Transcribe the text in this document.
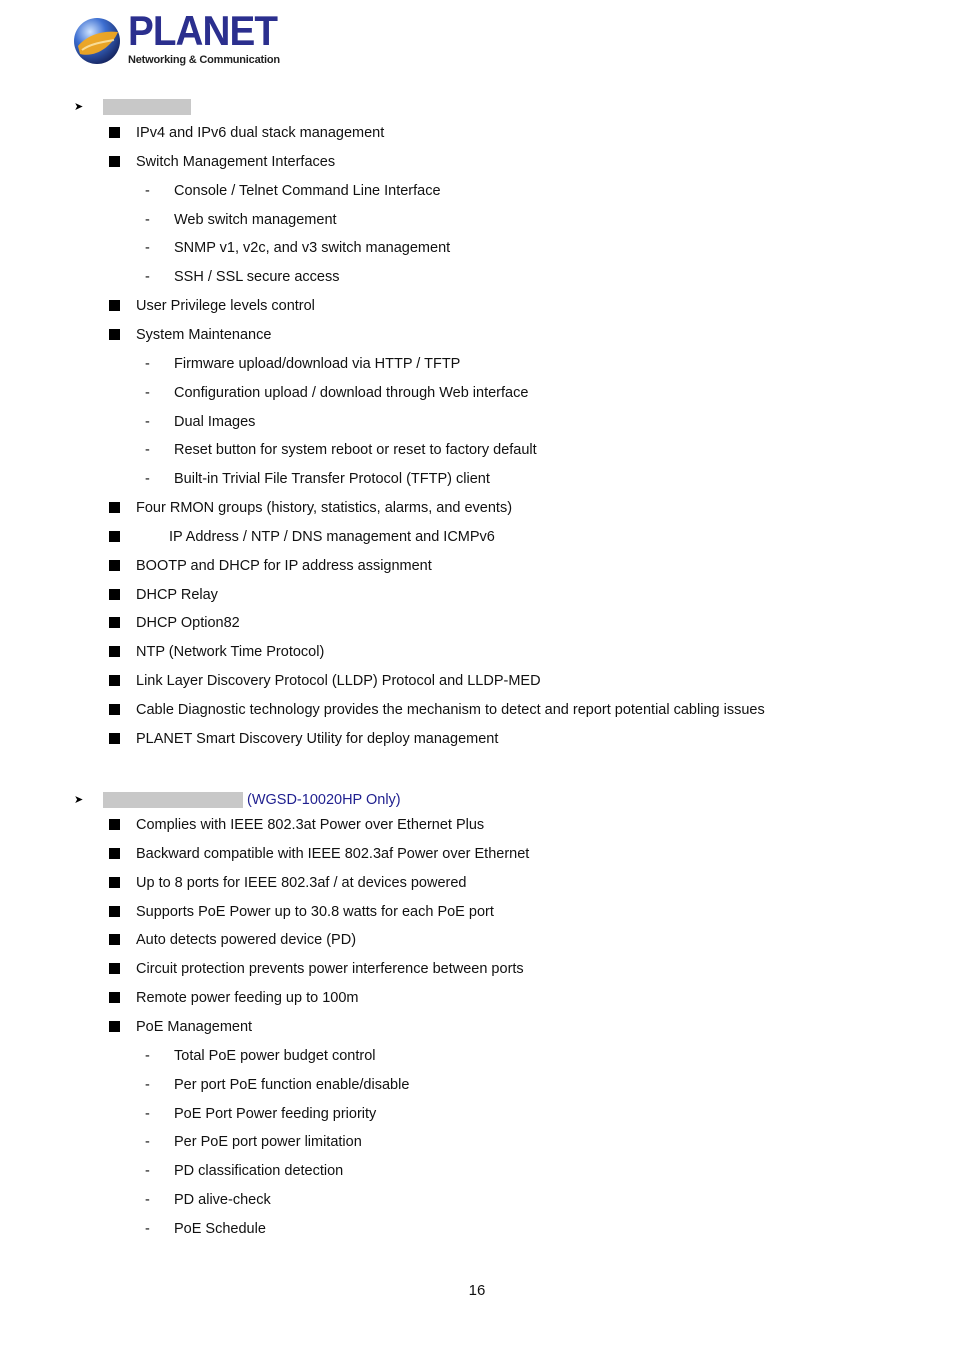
PLANET
Networking & Communication
➤
IPv4 and IPv6 dual stack management
Switch Management Interfaces
-	Console / Telnet Command Line Interface
-	Web switch management
-	SNMP v1, v2c, and v3 switch management
-	SSH / SSL secure access
User Privilege levels control
System Maintenance
-	Firmware upload/download via HTTP / TFTP
-	Configuration upload / download through Web interface
-	Dual Images
-	Reset button for system reboot or reset to factory default
-	Built-in Trivial File Transfer Protocol (TFTP) client
Four RMON groups (history, statistics, alarms, and events)
IP Address / NTP / DNS management and ICMPv6
BOOTP and DHCP for IP address assignment
DHCP Relay
DHCP Option82
NTP (Network Time Protocol)
Link Layer Discovery Protocol (LLDP) Protocol and LLDP-MED
Cable Diagnostic technology provides the mechanism to detect and report potential cabling issues
PLANET Smart Discovery Utility for deploy management
➤	(WGSD-10020HP Only)
Complies with IEEE 802.3at Power over Ethernet Plus
Backward compatible with IEEE 802.3af Power over Ethernet
Up to 8 ports for IEEE 802.3af / at devices powered
Supports PoE Power up to 30.8 watts for each PoE port
Auto detects powered device (PD)
Circuit protection prevents power interference between ports
Remote power feeding up to 100m
PoE Management
-	Total PoE power budget control
-	Per port PoE function enable/disable
-	PoE Port Power feeding priority
-	Per PoE port power limitation
-	PD classification detection
-	PD alive-check
-	PoE Schedule
16
